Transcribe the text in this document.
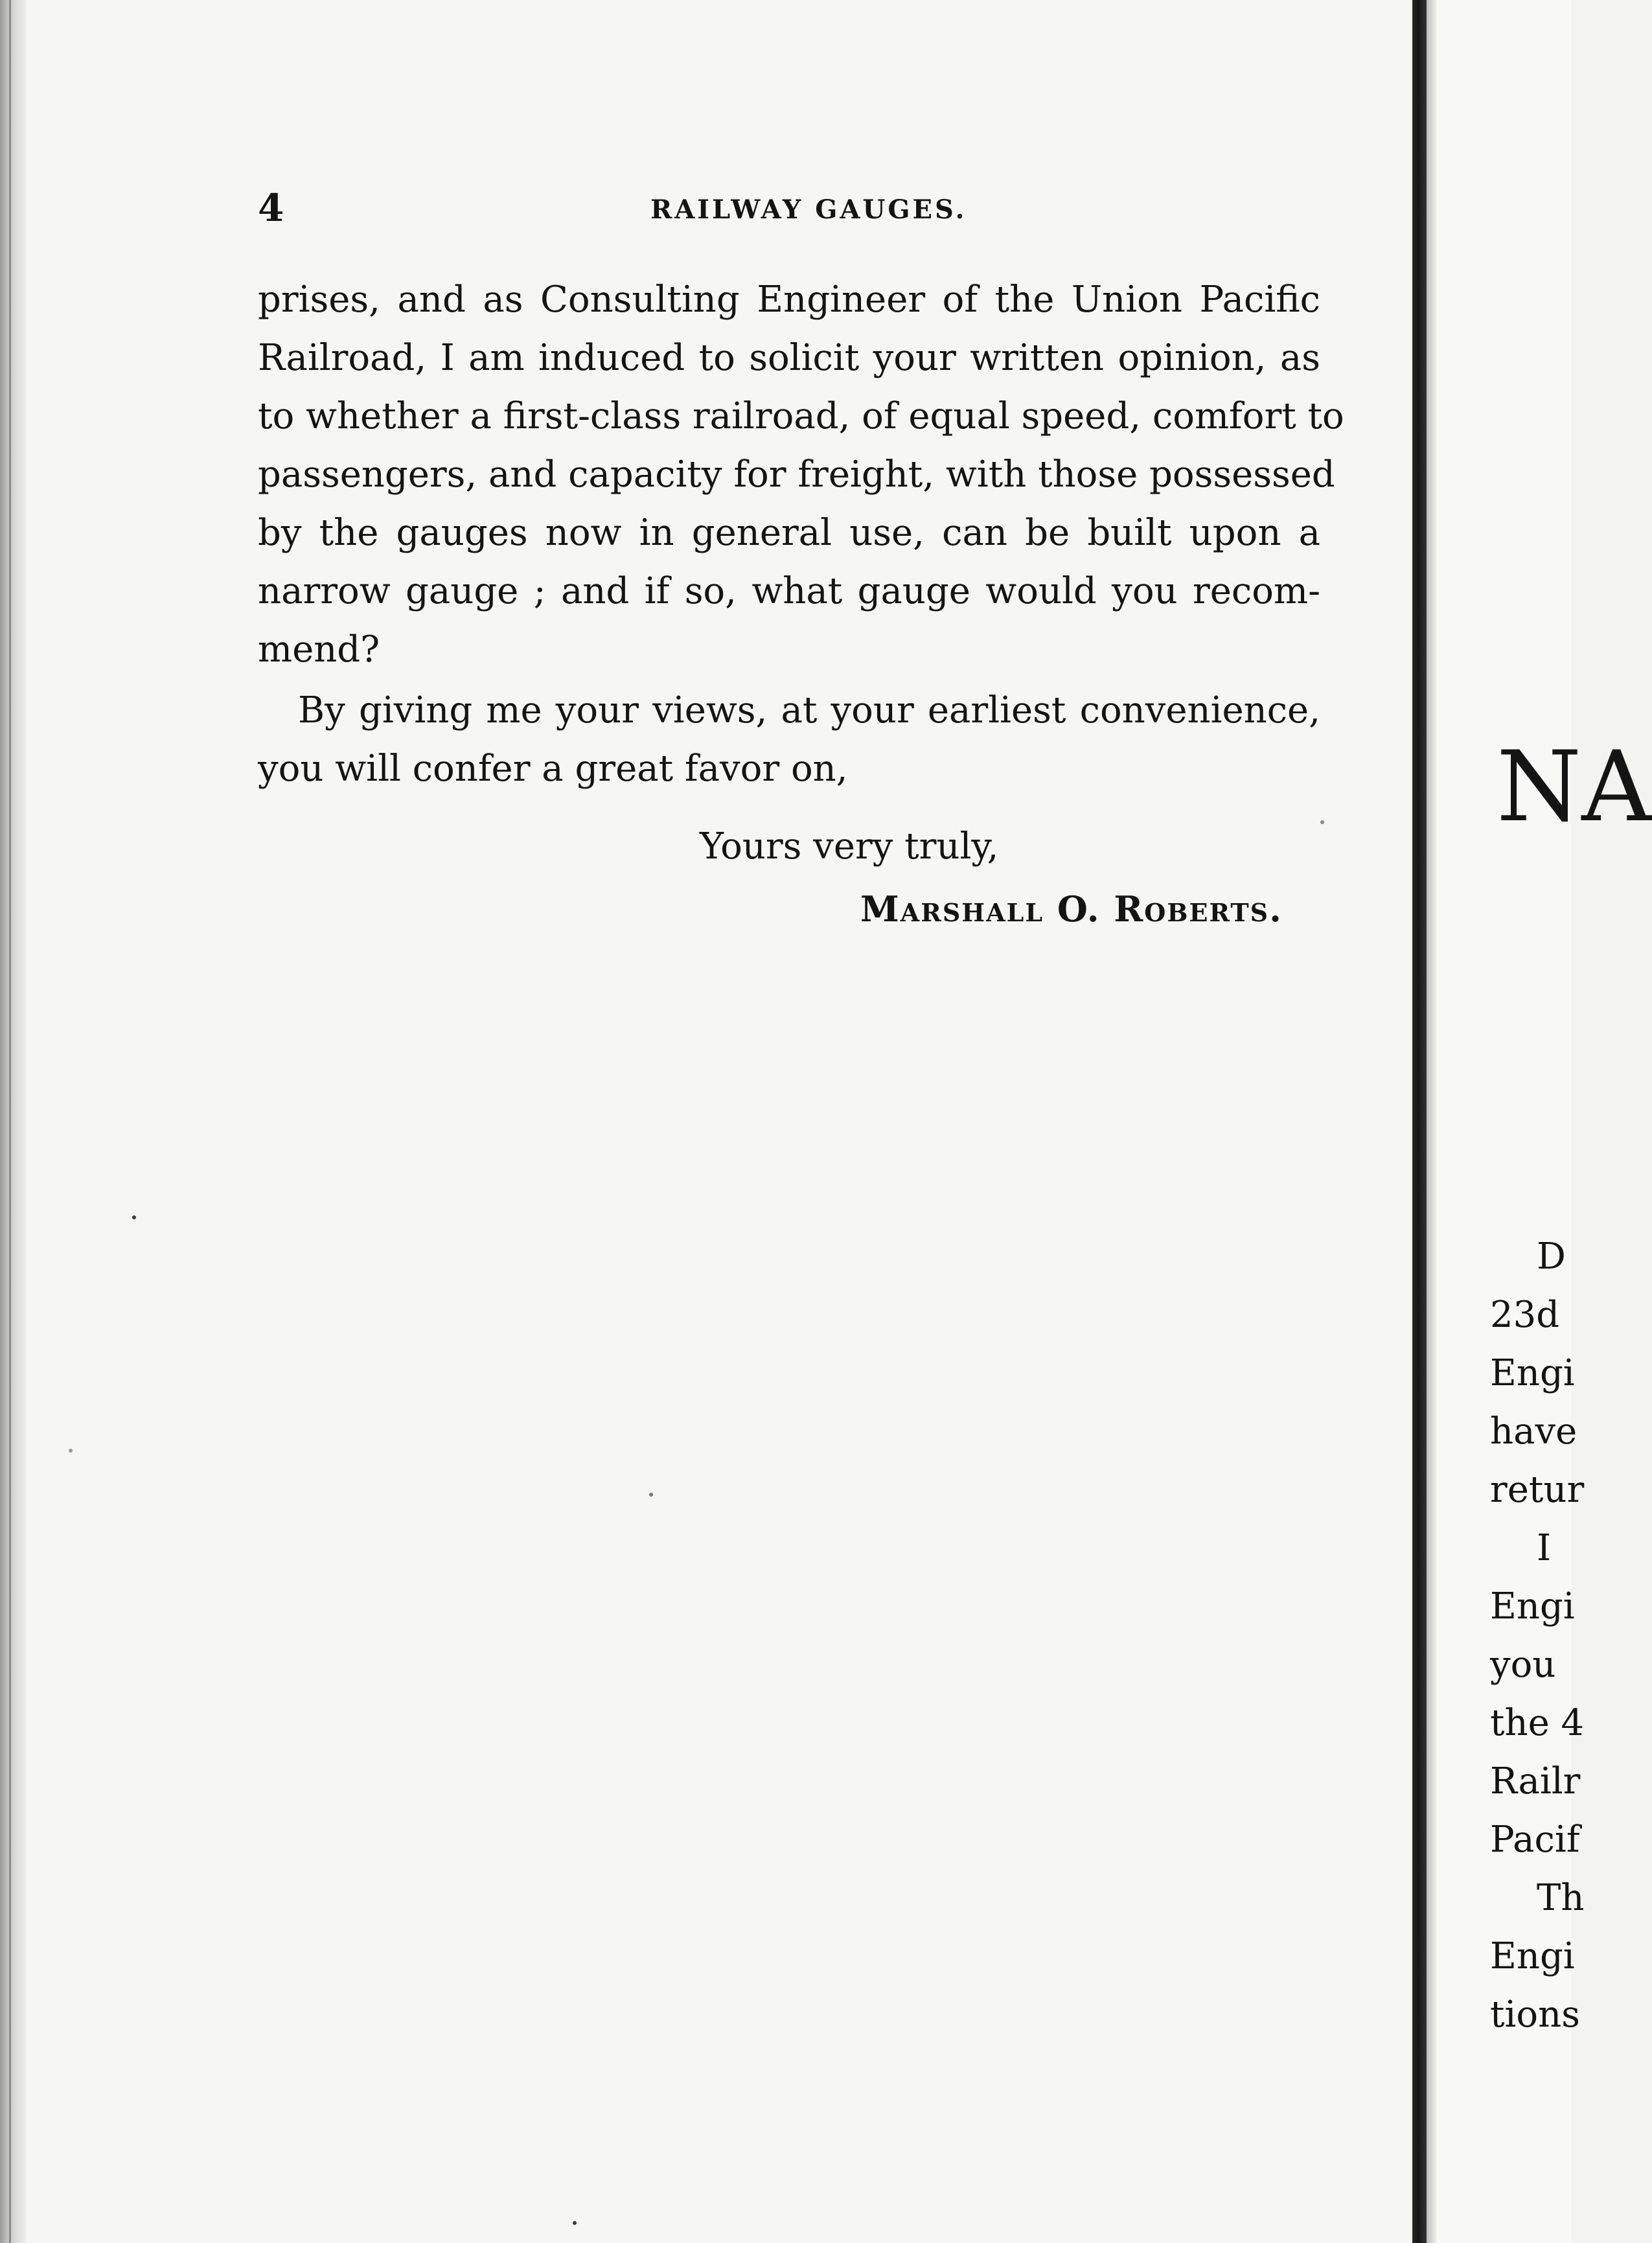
4	RAILWAY GAUGES.
prises, and as Consulting Engineer of the Union Pacific
Railroad, I am induced to solicit your written opinion, as
to whether a first-class railroad, of equal speed, comfort to
passengers, and capacity for freight, with those possessed
by the gauges now in general use, can be built upon a
narrow gauge ; and if so, what gauge would you recom-
mend?
By giving me your views, at your earliest convenience,
you will confer a great favor on,
Yours very truly,
Marshall O. Roberts.
NA
D
23d
Engi
have
retur
I
Engi
you
the 4
Railr
Pacif
Th
Engi
tions
